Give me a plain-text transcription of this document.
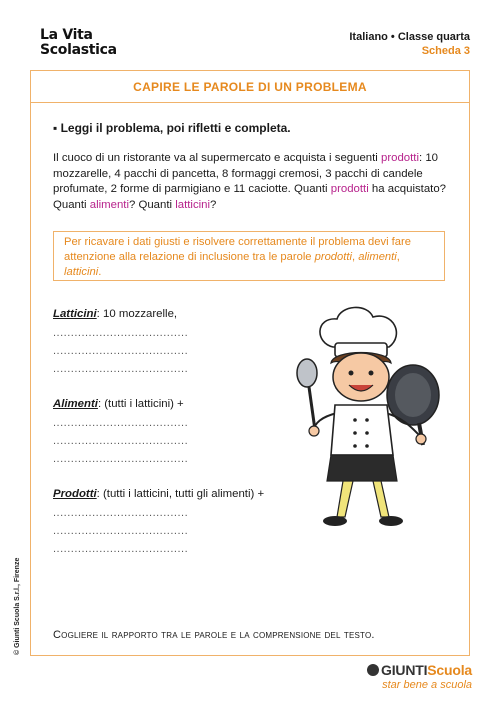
La Vita
Scolastica
Italiano • Classe quarta
Scheda 3
CAPIRE LE PAROLE DI UN PROBLEMA
▪ Leggi il problema, poi rifletti e completa.
Il cuoco di un ristorante va al supermercato e acquista i seguenti prodotti: 10 mozzarelle, 4 pacchi di pancetta, 8 formaggi cremosi, 3 pacchi di candele profumate, 2 forme di parmigiano e 11 caciotte. Quanti prodotti ha acquistato? Quanti alimenti? Quanti latticini?
Per ricavare i dati giusti e risolvere correttamente il problema devi fare attenzione alla relazione di inclusione tra le parole prodotti, alimenti, latticini.
Latticini: 10 mozzarelle,
......................................
......................................
......................................
Alimenti: (tutti i latticini) +
......................................
......................................
......................................
Prodotti: (tutti i latticini, tutti gli alimenti) +
......................................
......................................
......................................
Cogliere il rapporto tra le parole e la comprensione del testo.
© Giunti Scuola S.r.l., Firenze
GIUNTIScuola
star bene a scuola
